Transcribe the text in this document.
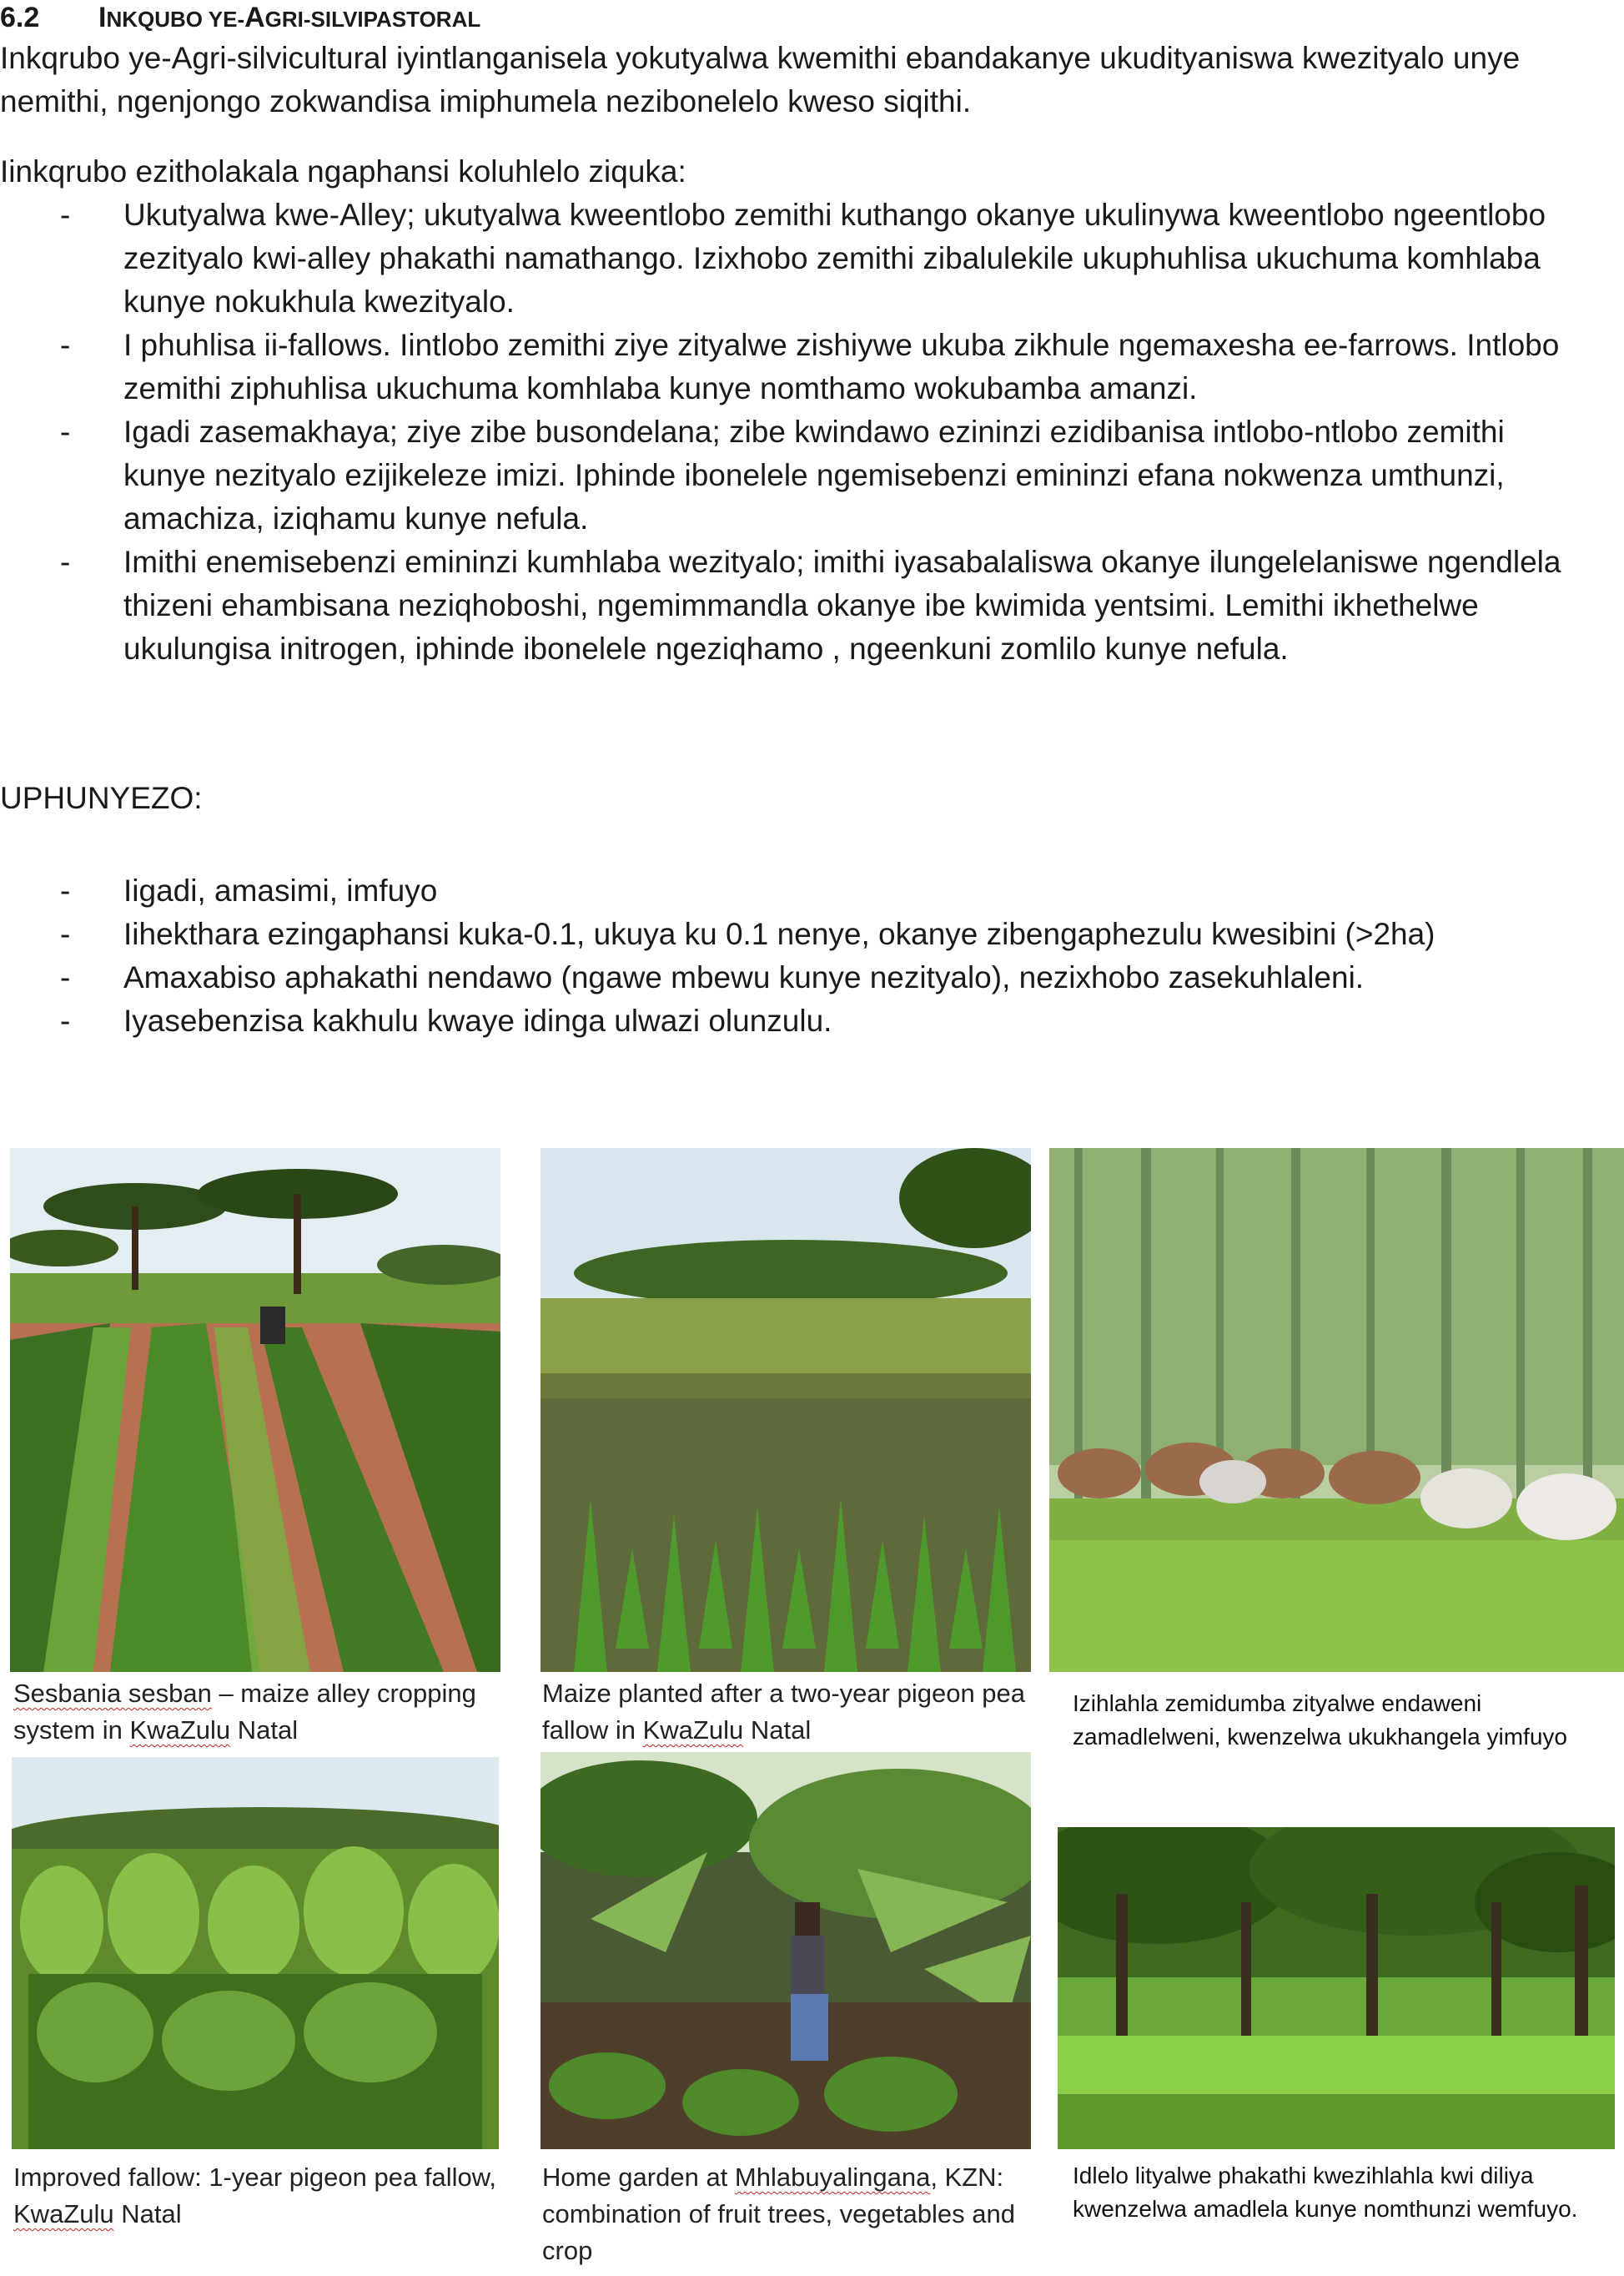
6.2 INKQUBO YE-AGRI-SILVIPASTORAL
Inkqrubo ye-Agri-silvicultural iyintlanganisela yokutyalwa kwemithi ebandakanye ukudityaniswa kwezityalo unye nemithi, ngenjongo zokwandisa imiphumela nezibonelelo kweso siqithi.
Iinkqrubo ezitholakala ngaphansi koluhlelo ziquka:
- Ukutyalwa kwe-Alley; ukutyalwa kweentlobo zemithi kuthango okanye ukulinywa kweentlobo ngeentlobo zezityalo kwi-alley phakathi namathango. Izixhobo zemithi zibalulekile ukuphuhlisa ukuchuma komhlaba kunye nokukhula kwezityalo.
- I phuhlisa ii-fallows. Iintlobo zemithi ziye zityalwe zishiywe ukuba zikhule ngemaxesha ee-farrows. Intlobo zemithi ziphuhlisa ukuchuma komhlaba kunye nomthamo wokubamba amanzi.
- Igadi zasemakhaya; ziye zibe busondelana; zibe kwindawo ezininzi ezidibanisa intlobo-ntlobo zemithi kunye nezityalo ezijikeleze imizi. Iphinde ibonelele ngemisebenzi emininzi efana nokwenza umthunzi, amachiza, iziqhamu kunye nefula.
- Imithi enemisebenzi emininzi kumhlaba wezityalo; imithi iyasabalaliswa okanye ilungelelaniswe ngendlela thizeni ehambisana neziqhoboshi, ngemimmandla okanye ibe kwimida yentsimi. Lemithi ikhethelwe ukulungisa initrogen, iphinde ibonelele ngeziqhamo , ngeenkuni zomlilo kunye nefula.
UPHUNYEZO:
- Iigadi, amasimi, imfuyo
- Iihekthara ezingaphansi kuka-0.1, ukuya ku 0.1 nenye, okanye zibengaphezulu kwesibini (>2ha)
- Amaxabiso aphakathi nendawo (ngawe mbewu kunye nezityalo), nezixhobo zasekuhlaleni.
- Iyasebenzisa kakhulu kwaye idinga ulwazi olunzulu.
Sesbania sesban – maize alley cropping system in KwaZulu Natal
Maize planted after a two-year pigeon pea fallow in KwaZulu Natal
Izihlahla zemidumba zityalwe endaweni zamadlelweni, kwenzelwa ukukhangela yimfuyo
Improved fallow: 1-year pigeon pea fallow, KwaZulu Natal
Home garden at Mhlabuyalingana, KZN: combination of fruit trees, vegetables and crop
Idlelo lityalwe phakathi kwezihlahla kwi diliya kwenzelwa amadlela kunye nomthunzi wemfuyo.
